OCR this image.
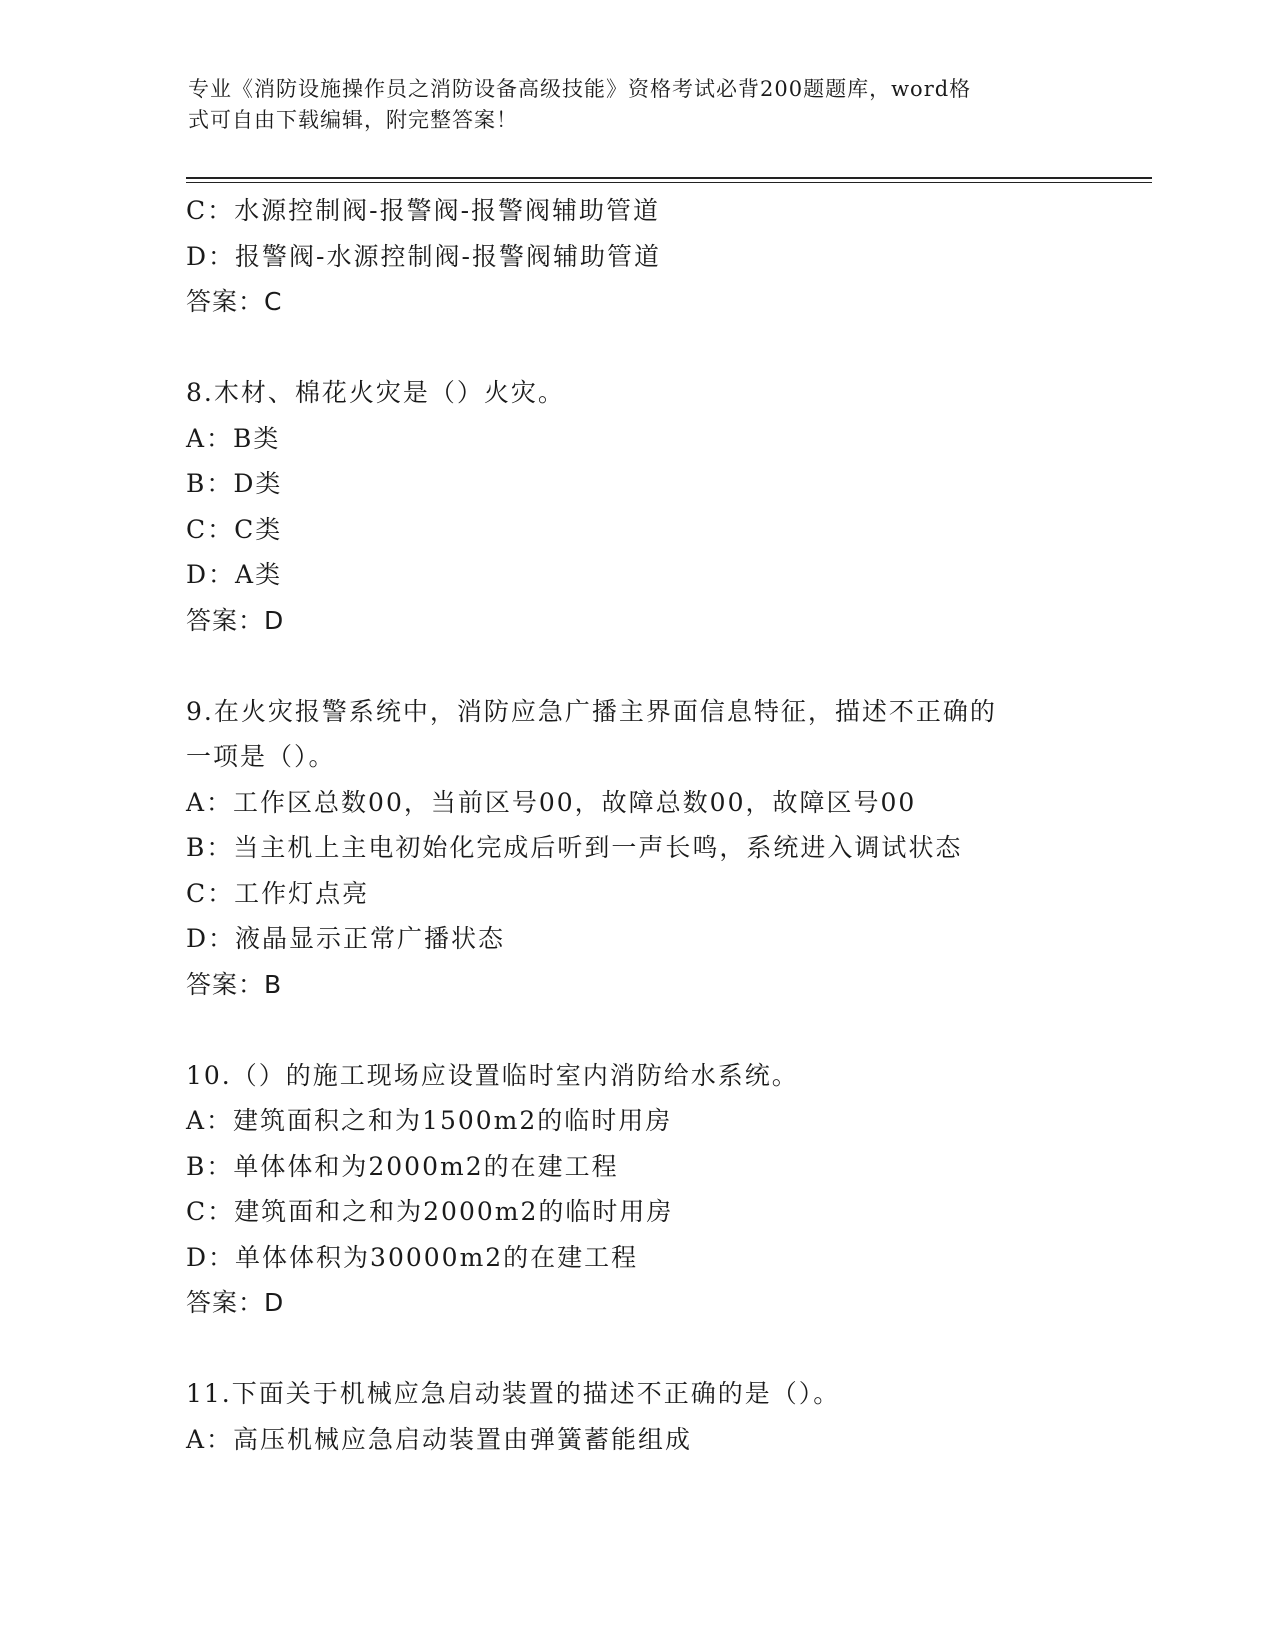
专业《消防设施操作员之消防设备高级技能》资格考试必背200题题库，word格
式可自由下载编辑，附完整答案！
C：水源控制阀-报警阀-报警阀辅助管道
D：报警阀-水源控制阀-报警阀辅助管道
答案：C
8.木材、棉花火灾是（）火灾。
A：B类
B：D类
C：C类
D：A类
答案：D
9.在火灾报警系统中，消防应急广播主界面信息特征，描述不正确的
一项是（）。
A：工作区总数00，当前区号00，故障总数00，故障区号00
B：当主机上主电初始化完成后听到一声长鸣，系统进入调试状态
C：工作灯点亮
D：液晶显示正常广播状态
答案：B
10.（）的施工现场应设置临时室内消防给水系统。
A：建筑面积之和为1500m2的临时用房
B：单体体和为2000m2的在建工程
C：建筑面和之和为2000m2的临时用房
D：单体体积为30000m2的在建工程
答案：D
11.下面关于机械应急启动装置的描述不正确的是（）。
A：高压机械应急启动装置由弹簧蓄能组成
